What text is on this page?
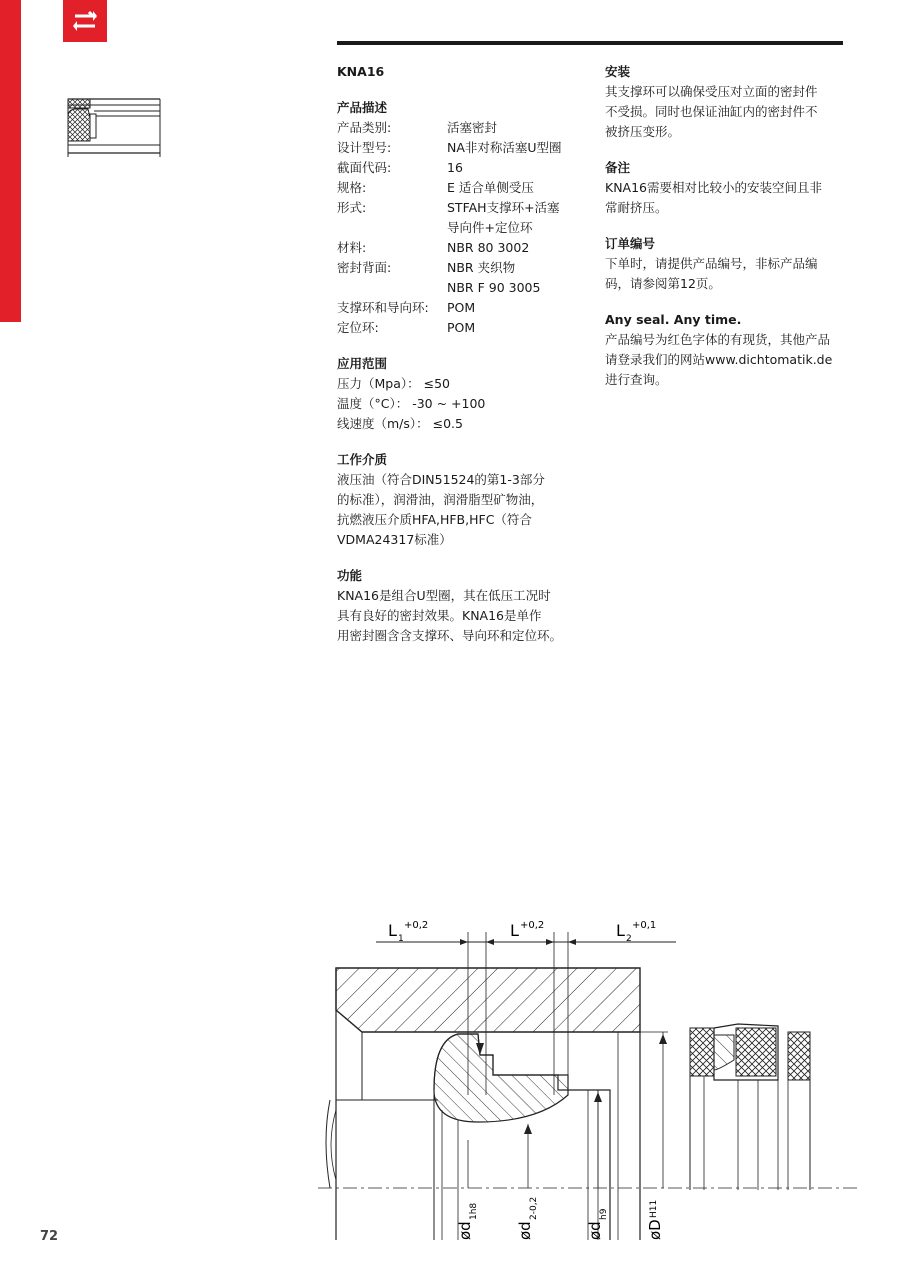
KNA16
产品描述
产品类别:	活塞密封
设计型号:	NA非对称活塞U型圈
截面代码:	16
规格:	E 适合单侧受压
形式:	STFAH支撑环+活塞
导向件+定位环
材料:	NBR 80 3002
密封背面:	NBR 夹织物
NBR F 90 3005
支撑环和导向环:	POM
定位环:	POM
应用范围
压力（Mpa）： ≤50
温度（°C）： -30 ~ +100
线速度（m/s）： ≤0.5
工作介质
液压油（符合DIN51524的第1-3部分
的标准），润滑油，润滑脂型矿物油，
抗燃液压介质HFA,HFB,HFC（符合
VDMA24317标准）
功能
KNA16是组合U型圈，其在低压工况时
具有良好的密封效果。KNA16是单作
用密封圈含含支撑环、导向环和定位环。
安装
其支撑环可以确保受压对立面的密封件
不受损。同时也保证油缸内的密封件不
被挤压变形。
备注
KNA16需要相对比较小的安装空间且非
常耐挤压。
订单编号
下单时，请提供产品编号，非标产品编
码，请参阅第12页。
Any seal. Any time.
产品编号为红色字体的有现货，其他产品
请登录我们的网站www.dichtomatik.de
进行查询。
L 1
+0,2	L +0,2	L 2
+0,1
ød
1h8
ød
2-0,2
ød
h9
øD
H11
72
